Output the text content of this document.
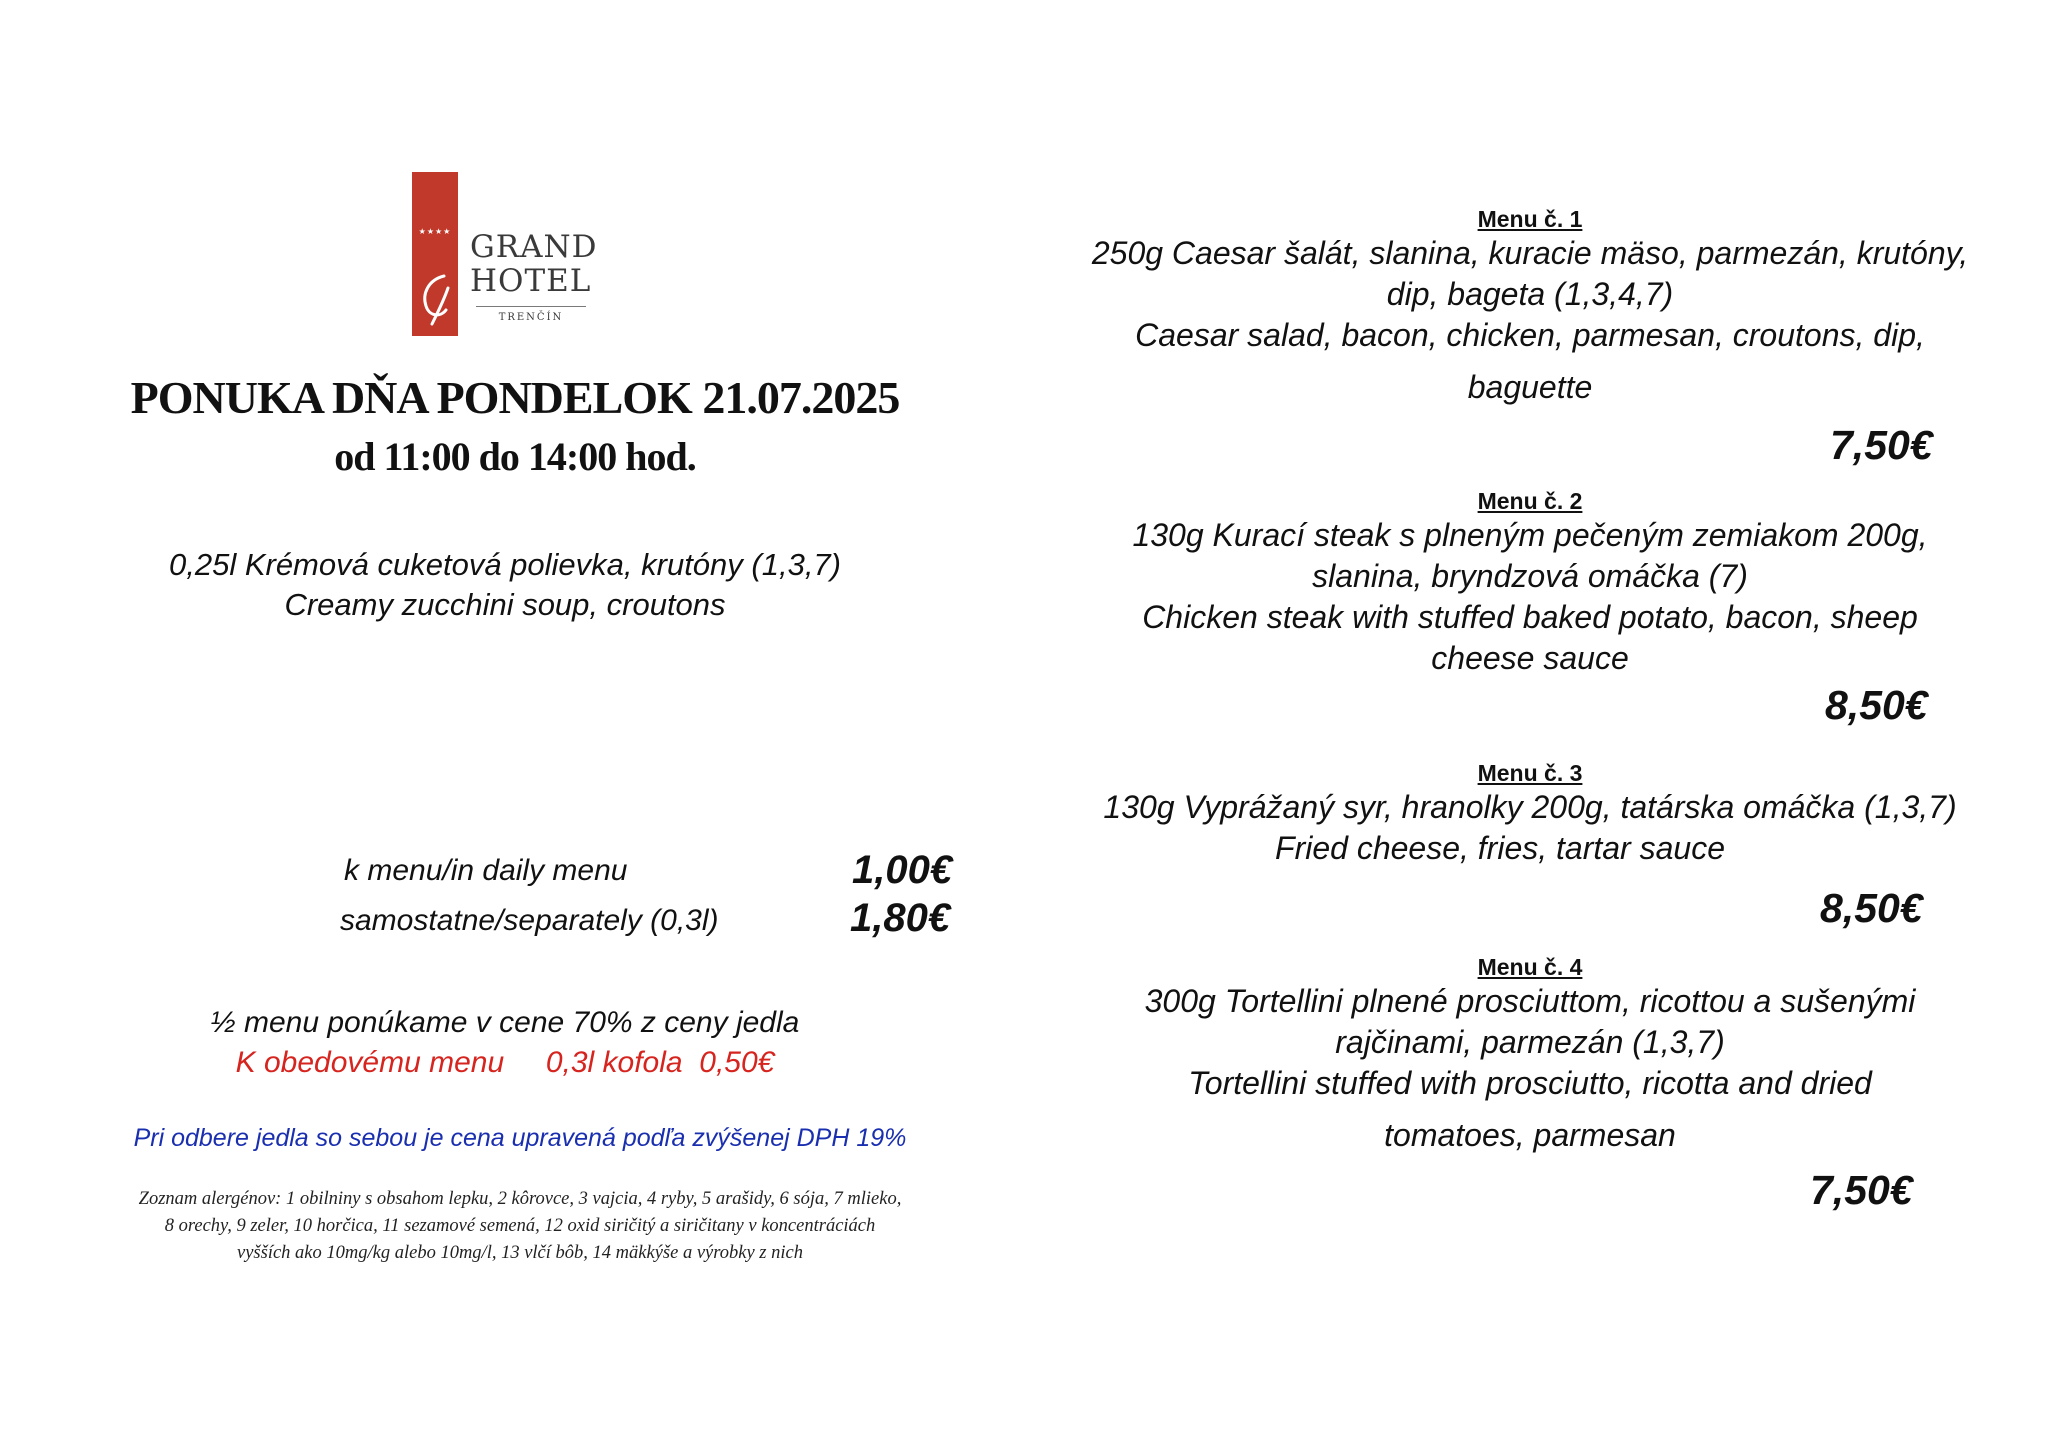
★★★★ GRAND
HOTEL
TRENČÍN
PONUKA DŇA PONDELOK 21.07.2025
od 11:00 do 14:00 hod.
0,25l Krémová cuketová polievka, krutóny (1,3,7)
Creamy zucchini soup, croutons
k menu/in daily menu	1,00€
samostatne/separately (0,3l)	1,80€
½ menu ponúkame v cene 70% z ceny jedla
K obedovému menu     0,3l kofola  0,50€
Pri odbere jedla so sebou je cena upravená podľa zvýšenej DPH 19%
Zoznam alergénov: 1 obilniny s obsahom lepku, 2 kôrovce, 3 vajcia, 4 ryby, 5 arašidy, 6 sója, 7 mlieko,
8 orechy, 9 zeler, 10 horčica, 11 sezamové semená, 12 oxid siričitý a siričitany v koncentráciách
vyšších ako 10mg/kg alebo 10mg/l, 13 vlčí bôb, 14 mäkkýše a výrobky z nich
Menu č. 1
250g Caesar šalát, slanina, kuracie mäso, parmezán, krutóny,
dip, bageta (1,3,4,7)
Caesar salad, bacon, chicken, parmesan, croutons, dip,
baguette
7,50€
Menu č. 2
130g Kurací steak s plneným pečeným zemiakom 200g,
slanina, bryndzová omáčka (7)
Chicken steak with stuffed baked potato, bacon, sheep
cheese sauce
8,50€
Menu č. 3
130g Vyprážaný syr, hranolky 200g, tatárska omáčka (1,3,7)
Fried cheese, fries, tartar sauce
8,50€
Menu č. 4
300g Tortellini plnené prosciuttom, ricottou a sušenými
rajčinami, parmezán (1,3,7)
Tortellini stuffed with prosciutto, ricotta and dried
tomatoes, parmesan
7,50€
